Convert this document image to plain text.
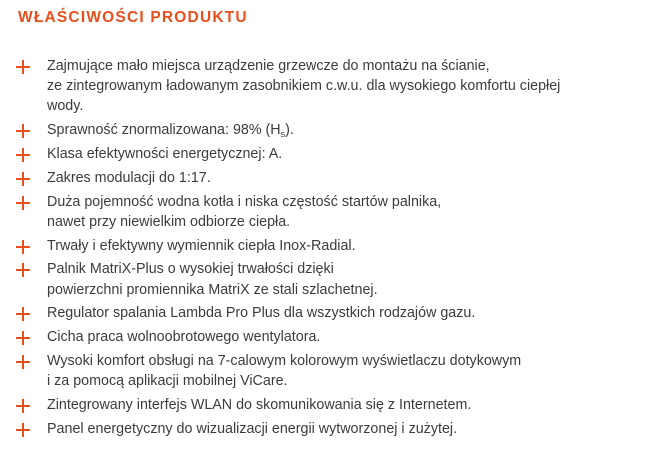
WŁAŚCIWOŚCI PRODUKTU
Zajmujące mało miejsca urządzenie grzewcze do montażu na ścianie,
ze zintegrowanym ładowanym zasobnikiem c.w.u. dla wysokiego komfortu ciepłej
wody.
Sprawność znormalizowana: 98% $(H_s)$.
Klasa efektywności energetycznej: A.
Zakres modulacji do 1:17.
Duża pojemność wodna kotła i niska częstość startów palnika,
nawet przy niewielkim odbiorze ciepła.
Trwały i efektywny wymiennik ciepła Inox-Radial.
Palnik MatriX-Plus o wysokiej trwałości dzięki
powierzchni promiennika MatriX ze stali szlachetnej.
Regulator spalania Lambda Pro Plus dla wszystkich rodzajów gazu.
Cicha praca wolnoobrotowego wentylatora.
Wysoki komfort obsługi na 7-calowym kolorowym wyświetlaczu dotykowym
i za pomocą aplikacji mobilnej ViCare.
Zintegrowany interfejs WLAN do skomunikowania się z Internetem.
Panel energetyczny do wizualizacji energii wytworzonej i zużytej.
